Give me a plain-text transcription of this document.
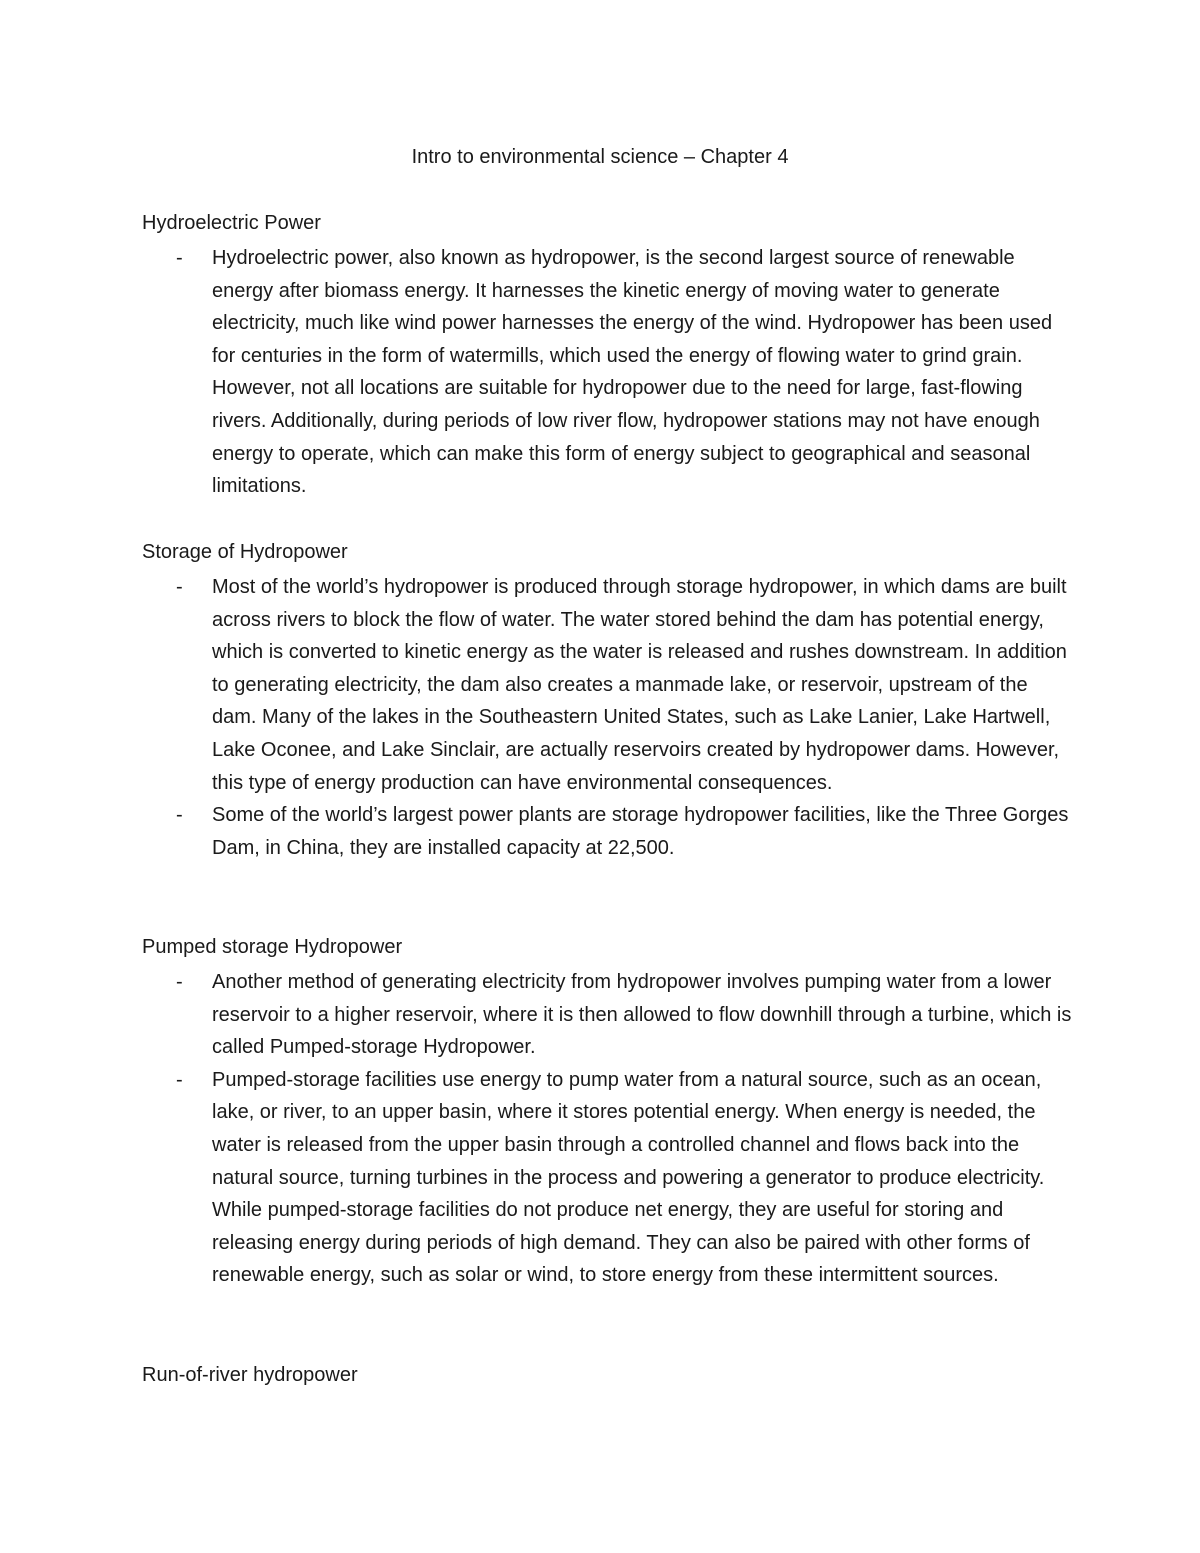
Intro to environmental science – Chapter 4
Hydroelectric Power
- Hydroelectric power, also known as hydropower, is the second largest source of renewable energy after biomass energy. It harnesses the kinetic energy of moving water to generate electricity, much like wind power harnesses the energy of the wind. Hydropower has been used for centuries in the form of watermills, which used the energy of flowing water to grind grain. However, not all locations are suitable for hydropower due to the need for large, fast-flowing rivers. Additionally, during periods of low river flow, hydropower stations may not have enough energy to operate, which can make this form of energy subject to geographical and seasonal limitations.
Storage of Hydropower
- Most of the world’s hydropower is produced through storage hydropower, in which dams are built across rivers to block the flow of water. The water stored behind the dam has potential energy, which is converted to kinetic energy as the water is released and rushes downstream. In addition to generating electricity, the dam also creates a manmade lake, or reservoir, upstream of the dam. Many of the lakes in the Southeastern United States, such as Lake Lanier, Lake Hartwell, Lake Oconee, and Lake Sinclair, are actually reservoirs created by hydropower dams. However, this type of energy production can have environmental consequences.
- Some of the world’s largest power plants are storage hydropower facilities, like the Three Gorges Dam, in China, they are installed capacity at 22,500.
Pumped storage Hydropower
- Another method of generating electricity from hydropower involves pumping water from a lower reservoir to a higher reservoir, where it is then allowed to flow downhill through a turbine, which is called Pumped-storage Hydropower.
- Pumped-storage facilities use energy to pump water from a natural source, such as an ocean, lake, or river, to an upper basin, where it stores potential energy. When energy is needed, the water is released from the upper basin through a controlled channel and flows back into the natural source, turning turbines in the process and powering a generator to produce electricity. While pumped-storage facilities do not produce net energy, they are useful for storing and releasing energy during periods of high demand. They can also be paired with other forms of renewable energy, such as solar or wind, to store energy from these intermittent sources.
Run-of-river hydropower
